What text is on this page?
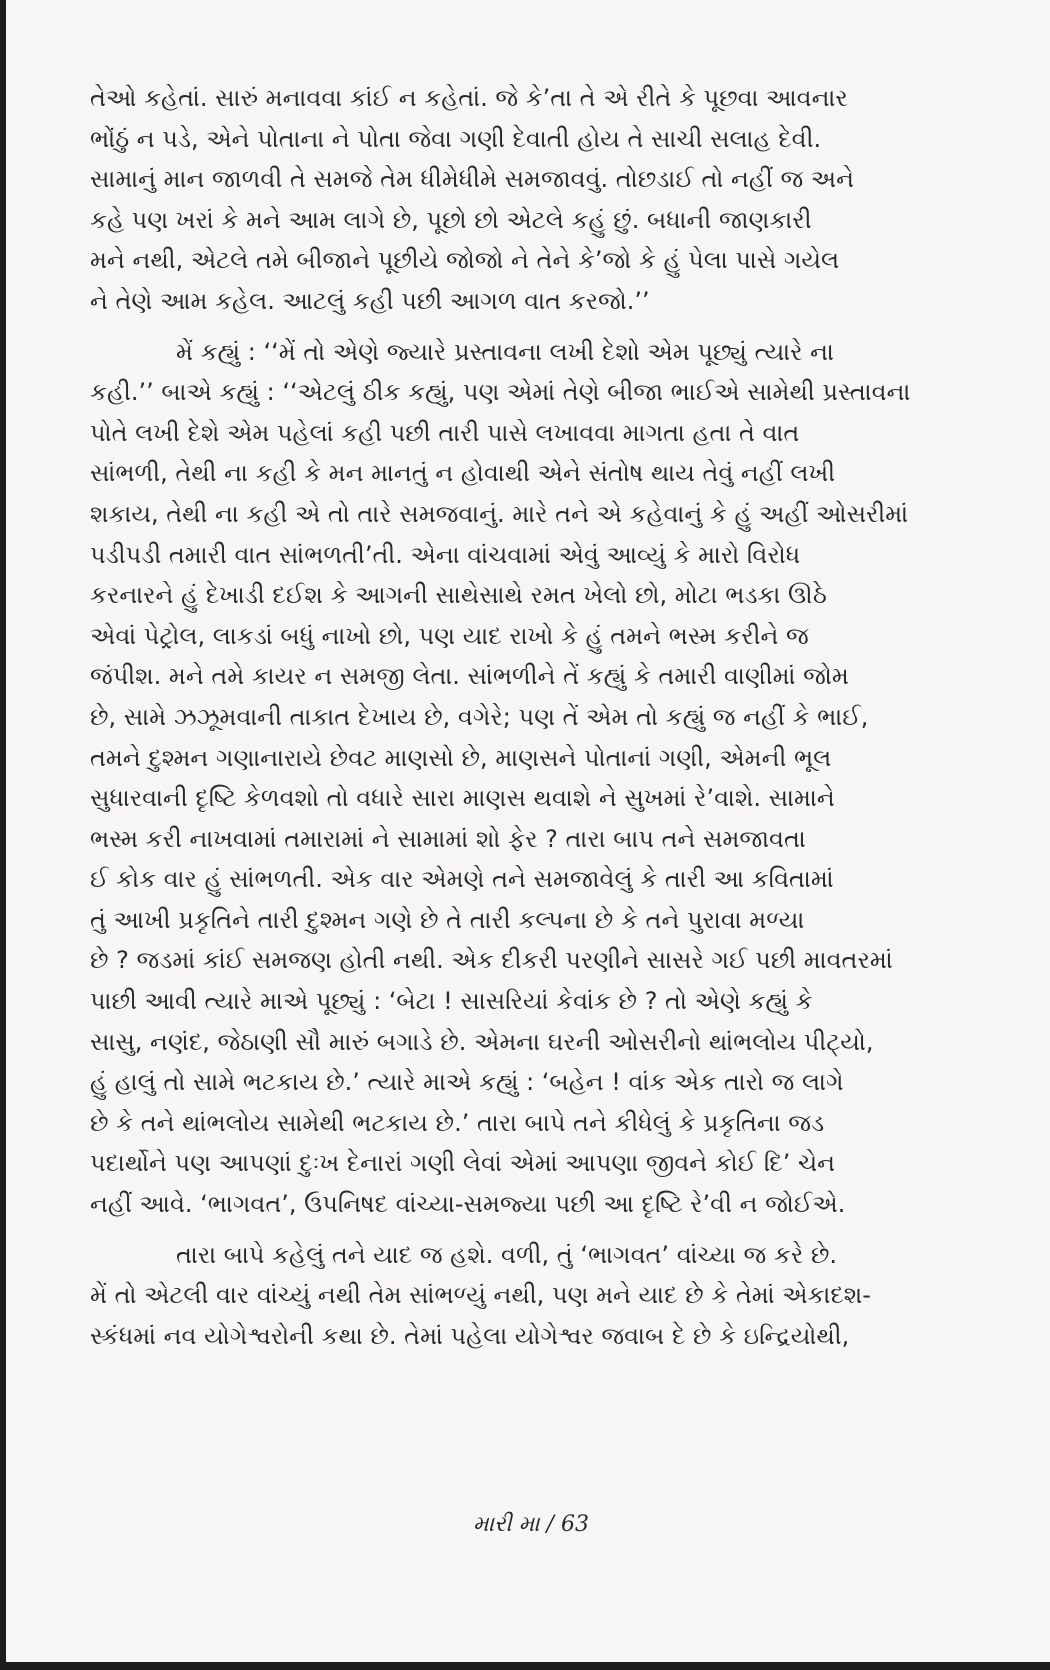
તેઓ કહેતાં. સારું મનાવવા કાંઈ ન કહેતાં. જે કે’તા તે એ રીતે કે પૂછવા આવનાર
ભોંઠું ન પડે, એને પોતાના ને પોતા જેવા ગણી દેવાતી હોય તે સાચી સલાહ દેવી.
સામાનું માન જાળવી તે સમજે તેમ ધીમેધીમે સમજાવવું. તોછડાઈ તો નહીં જ અને
કહે પણ ખરાં કે મને આમ લાગે છે, પૂછો છો એટલે કહું છું. બધાની જાણકારી
મને નથી, એટલે તમે બીજાને પૂછીયે જોજો ને તેને કે’જો કે હું પેલા પાસે ગયેલ
ને તેણે આમ કહેલ. આટલું કહી પછી આગળ વાત કરજો.’’
મેં કહ્યું : ‘‘મેં તો એણે જ્યારે પ્રસ્તાવના લખી દેશો એમ પૂછ્યું ત્યારે ના
કહી.’’ બાએ કહ્યું : ‘‘એટલું ઠીક કહ્યું, પણ એમાં તેણે બીજા ભાઈએ સામેથી પ્રસ્તાવના
પોતે લખી દેશે એમ પહેલાં કહી પછી તારી પાસે લખાવવા માગતા હતા તે વાત
સાંભળી, તેથી ના કહી કે મન માનતું ન હોવાથી એને સંતોષ થાય તેવું નહીં લખી
શકાય, તેથી ના કહી એ તો તારે સમજવાનું. મારે તને એ કહેવાનું કે હું અહીં ઓસરીમાં
પડીપડી તમારી વાત સાંભળતી’તી. એના વાંચવામાં એવું આવ્યું કે મારો વિરોધ
કરનારને હું દેખાડી દઈશ કે આગની સાથેસાથે રમત ખેલો છો, મોટા ભડકા ઊઠે
એવાં પેટ્રોલ, લાકડાં બધું નાખો છો, પણ યાદ રાખો કે હું તમને ભસ્મ કરીને જ
જંપીશ. મને તમે કાયર ન સમજી લેતા. સાંભળીને તેં કહ્યું કે તમારી વાણીમાં જોમ
છે, સામે ઝઝૂમવાની તાકાત દેખાય છે, વગેરે; પણ તેં એમ તો કહ્યું જ નહીં કે ભાઈ,
તમને દુશ્મન ગણાનારાયે છેવટ માણસો છે, માણસને પોતાનાં ગણી, એમની ભૂલ
સુધારવાની દૃષ્ટિ કેળવશો તો વધારે સારા માણસ થવાશે ને સુખમાં રે’વાશે. સામાને
ભસ્મ કરી નાખવામાં તમારામાં ને સામામાં શો ફેર ? તારા બાપ તને સમજાવતા
ઈ કોક વાર હું સાંભળતી. એક વાર એમણે તને સમજાવેલું કે તારી આ કવિતામાં
તું આખી પ્રકૃતિને તારી દુશ્મન ગણે છે તે તારી કલ્પના છે કે તને પુરાવા મળ્યા
છે ? જડમાં કાંઈ સમજણ હોતી નથી. એક દીકરી પરણીને સાસરે ગઈ પછી માવતરમાં
પાછી આવી ત્યારે માએ પૂછ્યું : ‘બેટા ! સાસરિયાં કેવાંક છે ? તો એણે કહ્યું કે
સાસુ, નણંદ, જેઠાણી સૌ મારું બગાડે છે. એમના ઘરની ઓસરીનો થાંભલોય પીટ્યો,
હું હાલું તો સામે ભટકાય છે.’ ત્યારે માએ કહ્યું : ‘બહેન ! વાંક એક તારો જ લાગે
છે કે તને થાંભલોય સામેથી ભટકાય છે.’ તારા બાપે તને કીધેલું કે પ્રકૃતિના જડ
પદાર્થોને પણ આપણાં દુઃખ દેનારાં ગણી લેવાં એમાં આપણા જીવને કોઈ દિ’ ચેન
નહીં આવે. ‘ભાગવત’, ઉપનિષદ વાંચ્યા-સમજ્યા પછી આ દૃષ્ટિ રે’વી ન જોઈએ.
તારા બાપે કહેલું તને યાદ જ હશે. વળી, તું ‘ભાગવત’ વાંચ્યા જ કરે છે.
મેં તો એટલી વાર વાંચ્યું નથી તેમ સાંભળ્યું નથી, પણ મને યાદ છે કે તેમાં એકાદશ-
સ્કંધમાં નવ યોગેશ્વરોની કથા છે. તેમાં પહેલા યોગેશ્વર જવાબ દે છે કે ઇન્દ્રિયોથી,
મારી મા / 63
